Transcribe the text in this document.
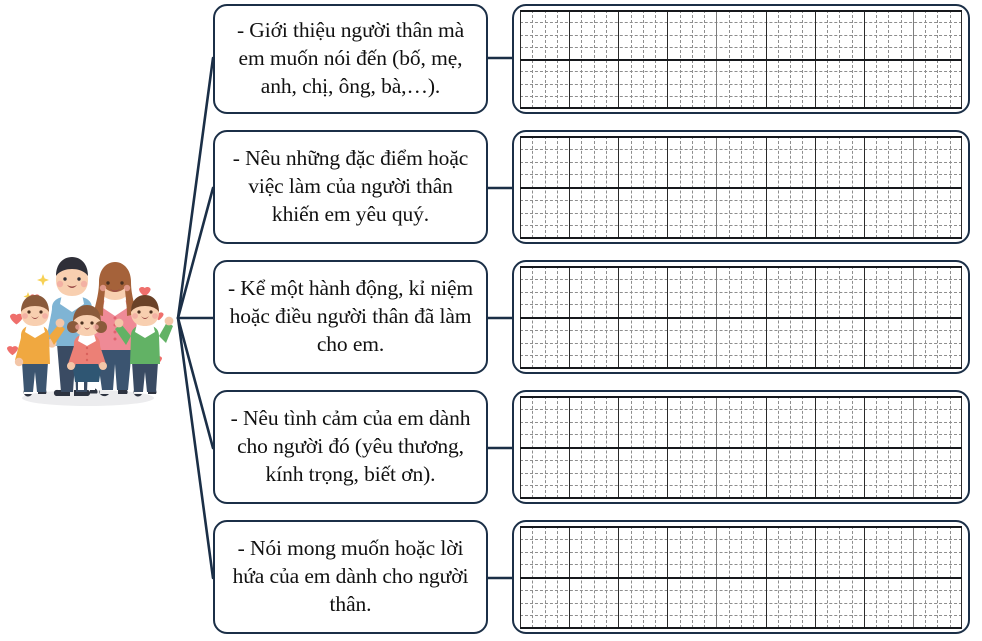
- Giới thiệu người thân mà em muốn nói đến (bố, mẹ, anh, chị, ông, bà,…).
- Nêu những đặc điểm hoặc việc làm của người thân khiến em yêu quý.
- Kể một hành động, kỉ niệm hoặc điều người thân đã làm cho em.
- Nêu tình cảm của em dành cho người đó (yêu thương, kính trọng, biết ơn).
- Nói mong muốn hoặc lời hứa của em dành cho người thân.
